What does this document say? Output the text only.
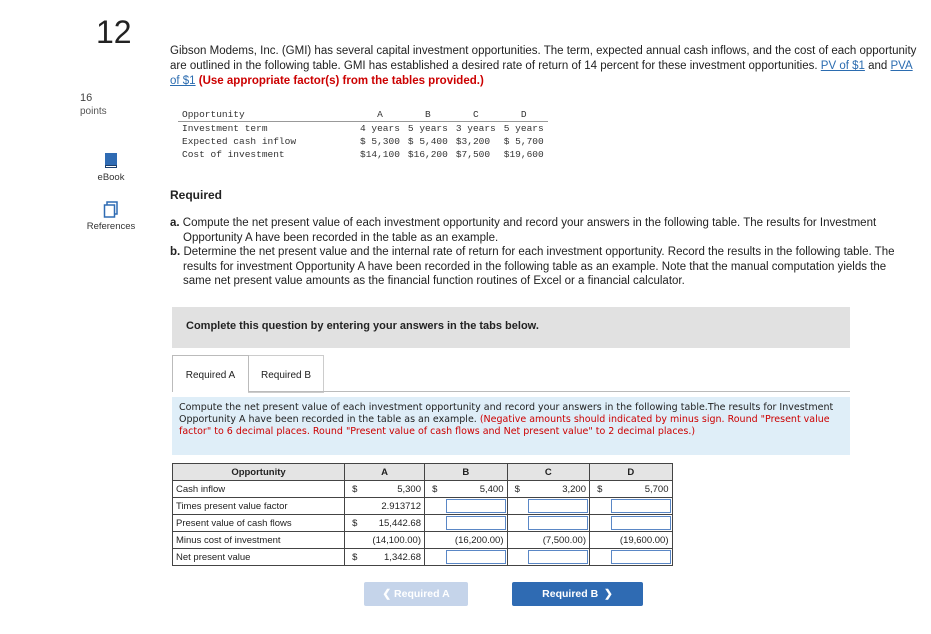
12
16
points
eBook
References
Gibson Modems, Inc. (GMI) has several capital investment opportunities. The term, expected annual cash inflows, and the cost of each opportunity are outlined in the following table. GMI has established a desired rate of return of 14 percent for these investment opportunities. PV of $1 and PVA of $1 (Use appropriate factor(s) from the tables provided.)
Opportunity	A	B	C	D
Investment term	4 years	5 years	3 years	5 years
Expected cash inflow	$ 5,300	$ 5,400	$3,200	$ 5,700
Cost of investment	$14,100	$16,200	$7,500	$19,600
Required
a. Compute the net present value of each investment opportunity and record your answers in the following table. The results for Investment Opportunity A have been recorded in the table as an example.
b. Determine the net present value and the internal rate of return for each investment opportunity. Record the results in the following table. The results for investment Opportunity A have been recorded in the following table as an example. Note that the manual computation yields the same net present value amounts as the financial function routines of Excel or a financial calculator.
Complete this question by entering your answers in the tabs below.
Required A	Required B
Compute the net present value of each investment opportunity and record your answers in the following table.The results for Investment Opportunity A have been recorded in the table as an example. (Negative amounts should indicated by minus sign. Round "Present value factor" to 6 decimal places. Round "Present value of cash flows and Net present value" to 2 decimal places.)
Opportunity	A		B		C		D	
Cash inflow	$	5,300	$	5,400	$	3,200	$	5,700
Times present value factor		2.913712		

Present value of cash flows	$	15,442.68		

Minus cost of investment		(14,100.00)		(16,200.00)		(7,500.00)		(19,600.00)
Net present value	$	1,342.68		

❮ Required A	Required B  ❯
